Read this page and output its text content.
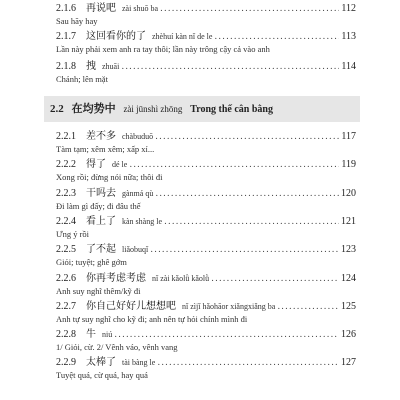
2.1.6	再说吧 zài shuō ba .....	112
Sau hãy hay
2.1.7	这回看你的了 zhèhuí kàn nǐ de le .....	113
Lần này phải xem anh ra tay thôi; lần này trông cậy cả vào anh
2.1.8	拽 zhuāi .....	114
Chảnh; lên mặt
2.2 在均势中 zài jūnshì zhōng Trong thế cân bằng
2.2.1	差不多 chàbuduō .....	117
Tàm tạm; xêm xêm; xấp xỉ...
2.2.2	得了 dé le .....	119
Xong rồi; đừng nói nữa; thôi đi
2.2.3	干吗去 gànmá qù .....	120
Đi làm gì đấy; đi đâu thế
2.2.4	看上了 kàn shàng le .....	121
Ưng ý rồi
2.2.5	了不起 liǎobuqǐ .....	123
Giỏi; tuyệt; ghê gớm
2.2.6	你再考虑考虑 nǐ zài kǎolǜ kǎolǜ .....	124
Anh suy nghĩ thêm/kỹ đi
2.2.7	你自己好好儿想想吧 nǐ zìjǐ hǎohāor xiǎngxiǎng ba .....	125
Anh tự suy nghĩ cho kỹ đi; anh nên tự hỏi chính mình đi
2.2.8	牛 niú .....	126
1/ Giỏi, cừ. 2/ Vênh váo, vênh vang
2.2.9	太棒了 tài bàng le .....	127
Tuyệt quá, cừ quá, hay quá
